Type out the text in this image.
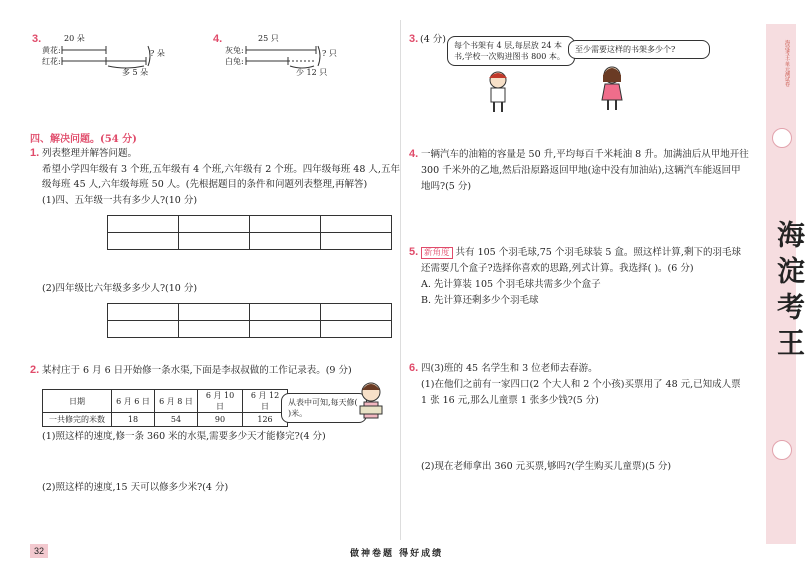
3.
黄花:
红花:
20 朵
? 朵
多 5 朵
4.
灰兔:
白兔:
25 只
? 只
少 12 只
四、解决问题。(54 分)
1. 列表整理并解答问题。
希望小学四年级有 3 个班,五年级有 4 个班,六年级有 2 个班。四年级每班 48 人,五年
级每班 45 人,六年级每班 50 人。(先根据题目的条件和问题列表整理,再解答)
(1)四、五年级一共有多少人?(10 分)

(2)四年级比六年级多多少人?(10 分)

2. 某村庄于 6 月 6 日开始修一条水渠,下面是李叔叔做的工作记录表。(9 分)
日期	6 月 6 日	6 月 8 日	6 月 10 日	6 月 12 日
一共修完的米数	18	54	90	126
从表中可知,每天修( )米。
(1)照这样的速度,修一条 360 米的水渠,需要多少天才能修完?(4 分)
(2)照这样的速度,15 天可以修多少米?(4 分)
32	做神卷题 得好成绩
3. (4 分)
每个书架有 4 层,每层放 24 本书,学校一次购进图书 800 本。
至少需要这样的书架多少个?
4. 一辆汽车的油箱的容量是 50 升,平均每百千米耗油 8 升。加满油后从甲地开往
300 千米外的乙地,然后沿原路返回甲地(途中没有加油站),这辆汽车能返回甲
地吗?(5 分)
5. 新角度 共有 105 个羽毛球,75 个羽毛球装 5 盒。照这样计算,剩下的羽毛球
还需要几个盒子?选择你喜欢的思路,列式计算。我选择( )。(6 分)
A. 先计算装 105 个羽毛球共需多少个盒子
B. 先计算还剩多少个羽毛球
6. 四(3)班的 45 名学生和 3 位老师去春游。
(1)在他们之前有一家四口(2 个大人和 2 个小孩)买票用了 48 元,已知成人票
1 张 16 元,那么儿童票 1 张多少钱?(5 分)
(2)现在老师拿出 360 元买票,够吗?(学生购买儿童票)(5 分)
海淀考王·单元测试卷
海淀考王
